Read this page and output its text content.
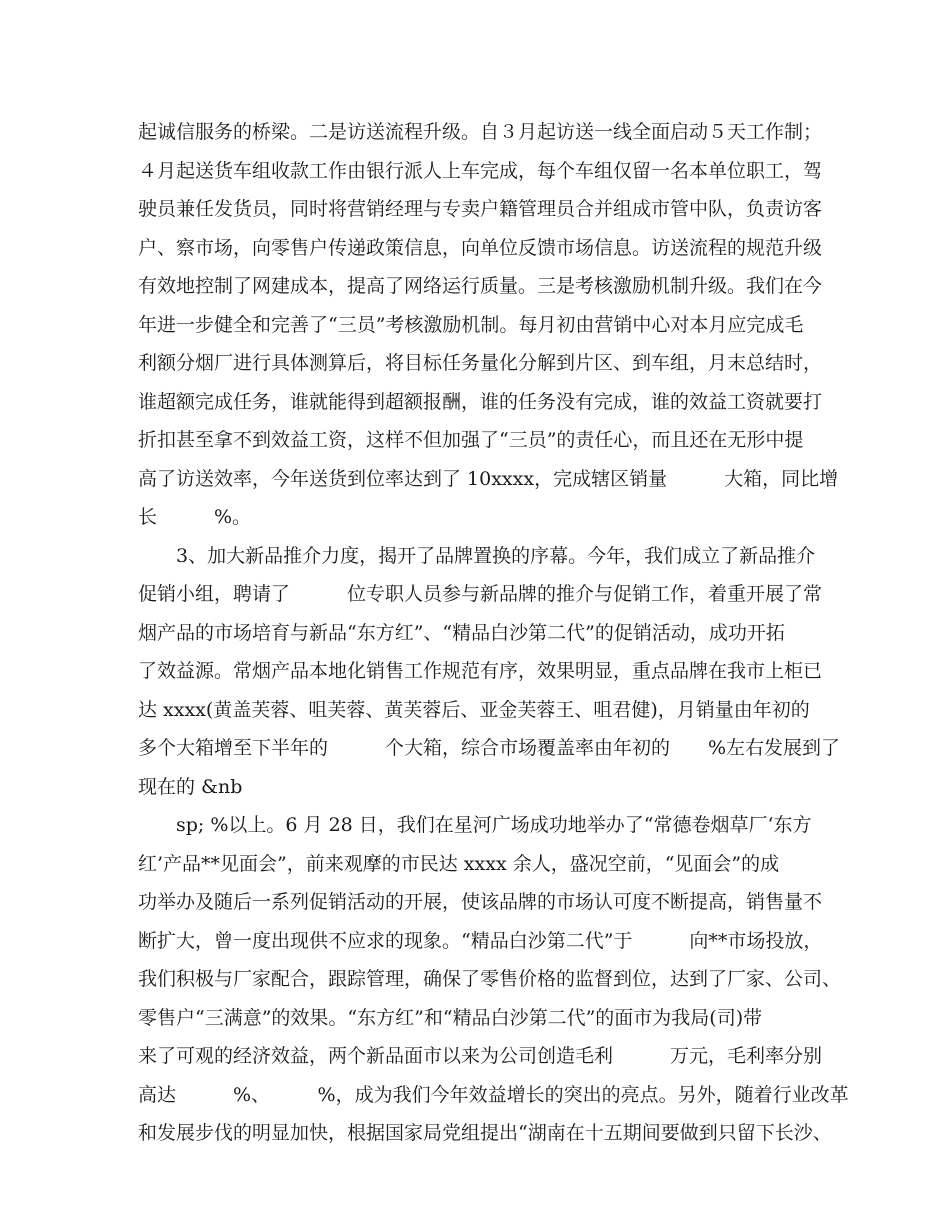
起诚信服务的桥梁。二是访送流程升级。自３月起访送一线全面启动５天工作制；
４月起送货车组收款工作由银行派人上车完成，每个车组仅留一名本单位职工，驾
驶员兼任发货员，同时将营销经理与专卖户籍管理员合并组成市管中队，负责访客
户、察市场，向零售户传递政策信息，向单位反馈市场信息。访送流程的规范升级
有效地控制了网建成本，提高了网络运行质量。三是考核激励机制升级。我们在今
年进一步健全和完善了“三员”考核激励机制。每月初由营销中心对本月应完成毛
利额分烟厂进行具体测算后，将目标任务量化分解到片区、到车组，月末总结时，
谁超额完成任务，谁就能得到超额报酬，谁的任务没有完成，谁的效益工资就要打
折扣甚至拿不到效益工资，这样不但加强了“三员”的责任心，而且还在无形中提
高了访送效率，今年送货到位率达到了 10xxxx，完成辖区销量　　　大箱，同比增
长　　　%。
　　3、加大新品推介力度，揭开了品牌置换的序幕。今年，我们成立了新品推介
促销小组，聘请了　　　位专职人员参与新品牌的推介与促销工作，着重开展了常
烟产品的市场培育与新品“东方红”、“精品白沙第二代”的促销活动，成功开拓
了效益源。常烟产品本地化销售工作规范有序，效果明显，重点品牌在我市上柜已
达 xxxx(黄盖芙蓉、咀芙蓉、黄芙蓉后、亚金芙蓉王、咀君健)，月销量由年初的
多个大箱增至下半年的　　　个大箱，综合市场覆盖率由年初的　　%左右发展到了
现在的 &nb
　　sp; %以上。6 月 28 日，我们在星河广场成功地举办了“常德卷烟草厂‘东方
红’产品**见面会”，前来观摩的市民达 xxxx 余人，盛况空前，“见面会”的成
功举办及随后一系列促销活动的开展，使该品牌的市场认可度不断提高，销售量不
断扩大，曾一度出现供不应求的现象。“精品白沙第二代”于　　　向**市场投放，
我们积极与厂家配合，跟踪管理，确保了零售价格的监督到位，达到了厂家、公司、
零售户“三满意”的效果。“东方红”和“精品白沙第二代”的面市为我局(司)带
来了可观的经济效益，两个新品面市以来为公司创造毛利　　　万元，毛利率分别
高达　　　%、　　　%，成为我们今年效益增长的突出的亮点。另外，随着行业改革
和发展步伐的明显加快，根据国家局党组提出“湖南在十五期间要做到只留下长沙、
